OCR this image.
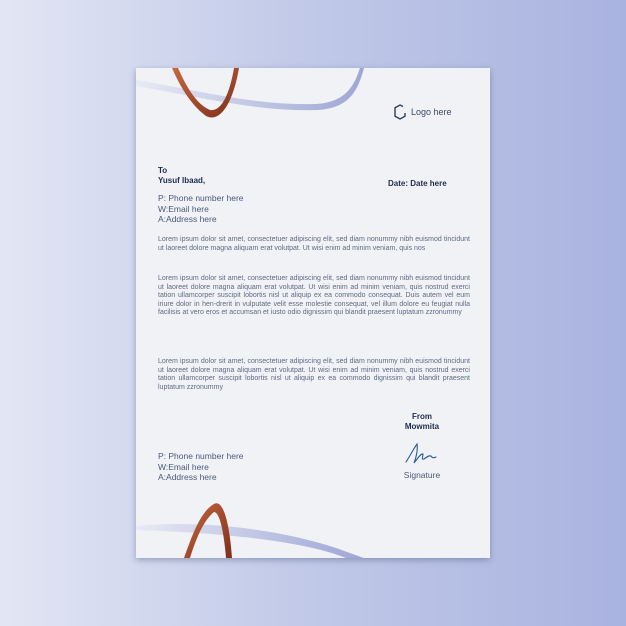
Logo here
To
Yusuf Ibaad,	Date: Date here
P: Phone number here
W:Email here
A:Address here
Lorem ipsum dolor sit amet, consectetuer adipiscing elit, sed diam nonummy nibh euismod tincidunt ut laoreet dolore magna aliquam erat volutpat. Ut wisi enim ad minim veniam, quis nos
Lorem ipsum dolor sit amet, consectetuer adipiscing elit, sed diam nonummy nibh euismod tincidunt ut laoreet dolore magna aliquam erat volutpat. Ut wisi enim ad minim veniam, quis nostrud exerci tation ullamcorper suscipit lobortis nisl ut aliquip ex ea commodo consequat. Duis autem vel eum iriure dolor in hen-drerit in vulputate velit esse molestie consequat, vel illum dolore eu feugiat nulla facilisis at vero eros et accumsan et iusto odio dignissim qui blandit praesent luptatum zzronummy
Lorem ipsum dolor sit amet, consectetuer adipiscing elit, sed diam nonummy nibh euismod tincidunt ut laoreet dolore magna aliquam erat volutpat. Ut wisi enim ad minim veniam, quis nostrud exerci tation ullamcorper suscipit lobortis nisl ut aliquip ex ea commodo dignissim qui blandit praesent luptatum zzronummy
From
Mowmita
Signature
P: Phone number here
W:Email here
A:Address here
